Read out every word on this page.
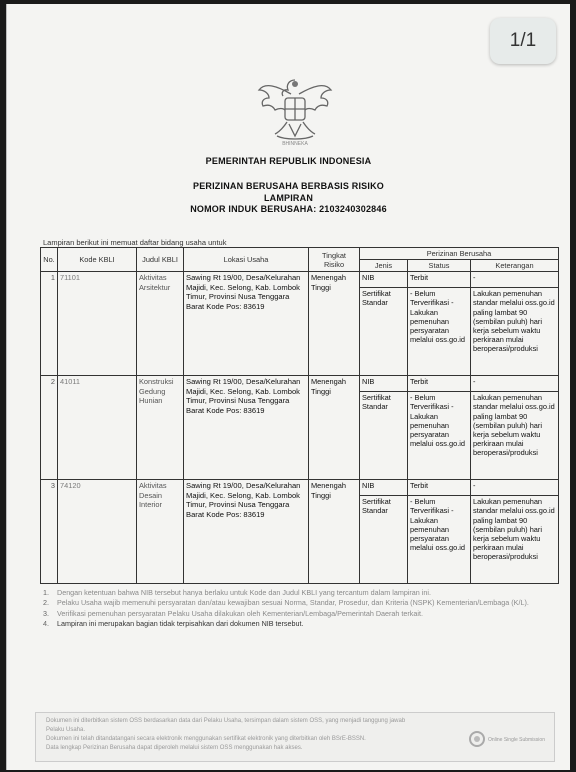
1/1
BHINNEKA
PEMERINTAH REPUBLIK INDONESIA
PERIZINAN BERUSAHA BERBASIS RISIKO
LAMPIRAN
NOMOR INDUK BERUSAHA: 2103240302846
Lampiran berikut ini memuat daftar bidang usaha untuk
No.	Kode KBLI	Judul KBLI	Lokasi Usaha	Tingkat Risiko	Perizinan Berusaha		
					Jenis	Status	Keterangan
1	71101	Aktivitas Arsitektur	Sawing Rt 19/00, Desa/Kelurahan Majidi, Kec. Selong, Kab. Lombok Timur, Provinsi Nusa Tenggara Barat Kode Pos: 83619	Menengah Tinggi	NIB	Terbit	-
					Sertifikat Standar	- Belum Terverifikasi - Lakukan pemenuhan persyaratan melalui oss.go.id	Lakukan pemenuhan standar melalui oss.go.id paling lambat 90 (sembilan puluh) hari kerja sebelum waktu perkiraan mulai beroperasi/produksi
2	41011	Konstruksi Gedung Hunian	Sawing Rt 19/00, Desa/Kelurahan Majidi, Kec. Selong, Kab. Lombok Timur, Provinsi Nusa Tenggara Barat Kode Pos: 83619	Menengah Tinggi	NIB	Terbit	-
					Sertifikat Standar	- Belum Terverifikasi - Lakukan pemenuhan persyaratan melalui oss.go.id	Lakukan pemenuhan standar melalui oss.go.id paling lambat 90 (sembilan puluh) hari kerja sebelum waktu perkiraan mulai beroperasi/produksi
3	74120	Aktivitas Desain Interior	Sawing Rt 19/00, Desa/Kelurahan Majidi, Kec. Selong, Kab. Lombok Timur, Provinsi Nusa Tenggara Barat Kode Pos: 83619	Menengah Tinggi	NIB	Terbit	-
					Sertifikat Standar	- Belum Terverifikasi - Lakukan pemenuhan persyaratan melalui oss.go.id	Lakukan pemenuhan standar melalui oss.go.id paling lambat 90 (sembilan puluh) hari kerja sebelum waktu perkiraan mulai beroperasi/produksi
1.	Dengan ketentuan bahwa NIB tersebut hanya berlaku untuk Kode dan Judul KBLI yang tercantum dalam lampiran ini.
2.	Pelaku Usaha wajib memenuhi persyaratan dan/atau kewajiban sesuai Norma, Standar, Prosedur, dan Kriteria (NSPK) Kementerian/Lembaga (K/L).
3.	Verifikasi pemenuhan persyaratan Pelaku Usaha dilakukan oleh Kementerian/Lembaga/Pemerintah Daerah terkait.
4.	Lampiran ini merupakan bagian tidak terpisahkan dari dokumen NIB tersebut.
Dokumen ini diterbitkan sistem OSS berdasarkan data dari Pelaku Usaha, tersimpan dalam sistem OSS, yang menjadi tanggung jawab
Pelaku Usaha.
Dokumen ini telah ditandatangani secara elektronik menggunakan sertifikat elektronik yang diterbitkan oleh BSrE-BSSN.
Data lengkap Perizinan Berusaha dapat diperoleh melalui sistem OSS menggunakan hak akses.
Online Single Submission
